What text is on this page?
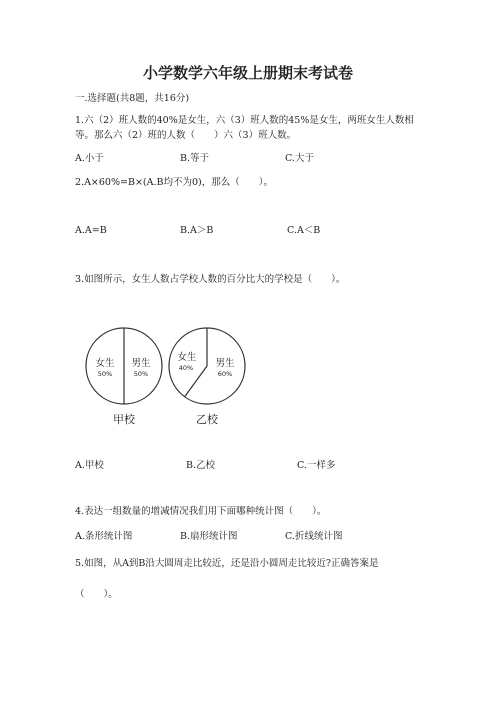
小学数学六年级上册期末考试卷
一.选择题(共8题，共16分)
1.六（2）班人数的40%是女生，六（3）班人数的45%是女生，两班女生人数相
等。那么六（2）班的人数（　　）六（3）班人数。
A.小于	B.等于	C.大于
2.A×60%=B×(A.B均不为0)，那么（　　）。
A.A=B	B.A＞B	C.A＜B
3.如图所示，女生人数占学校人数的百分比大的学校是（　　）。
女生
50%
男生
50%
甲校
女生
40% 男生
60%
乙校
A.甲校	B.乙校	C.一样多
4.表达一组数量的增减情况我们用下面哪种统计图（　　）。
A.条形统计图	B.扇形统计图	C.折线统计图
5.如图，从A到B沿大圆周走比较近，还是沿小圆周走比较近?正确答案是
（　　）。
